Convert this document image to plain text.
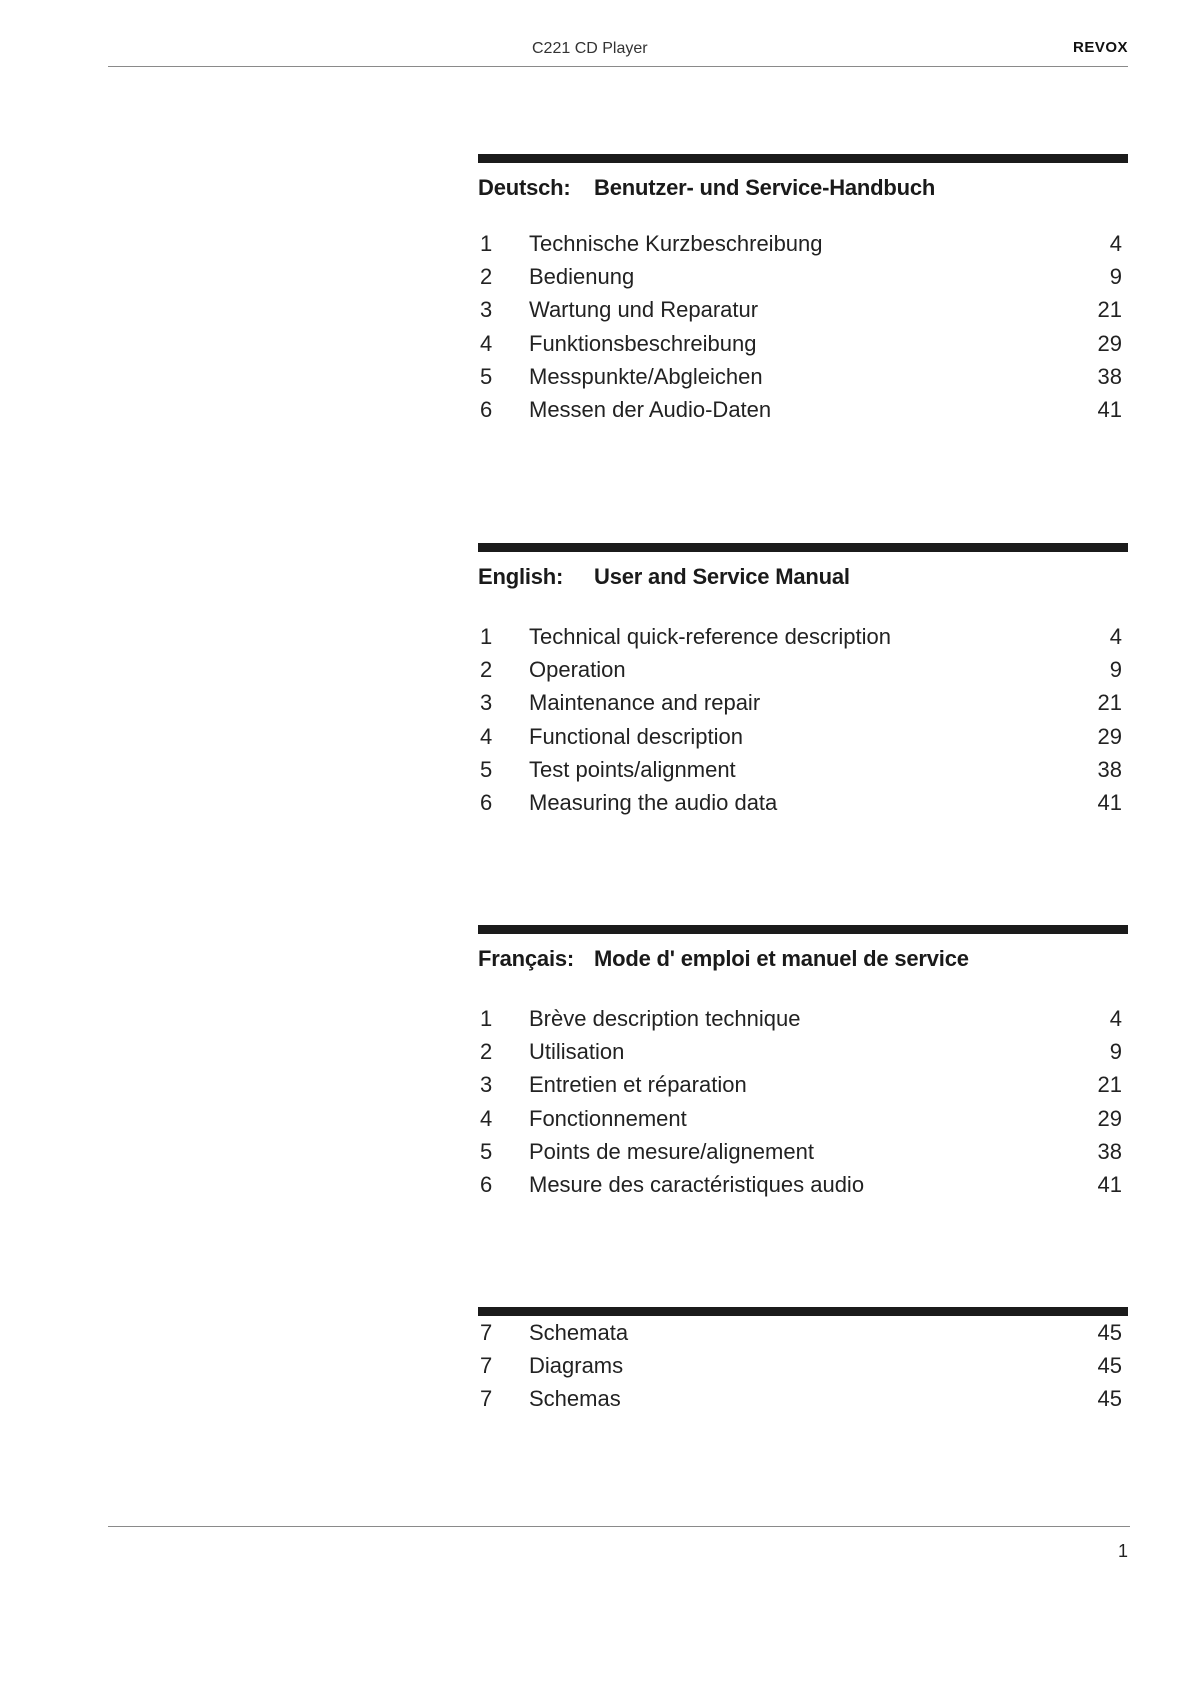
C221 CD Player	REVOX
Deutsch: Benutzer- und Service-Handbuch
1 Technische Kurzbeschreibung	4
2 Bedienung	9
3 Wartung und Reparatur	21
4 Funktionsbeschreibung	29
5 Messpunkte/Abgleichen	38
6 Messen der Audio-Daten	41
English: User and Service Manual
1 Technical quick-reference description	4
2 Operation	9
3 Maintenance and repair	21
4 Functional description	29
5 Test points/alignment	38
6 Measuring the audio data	41
Français: Mode d' emploi et manuel de service
1 Brève description technique	4
2 Utilisation	9
3 Entretien et réparation	21
4 Fonctionnement	29
5 Points de mesure/alignement	38
6 Mesure des caractéristiques audio	41
7 Schemata	45
7 Diagrams	45
7 Schemas	45
1
